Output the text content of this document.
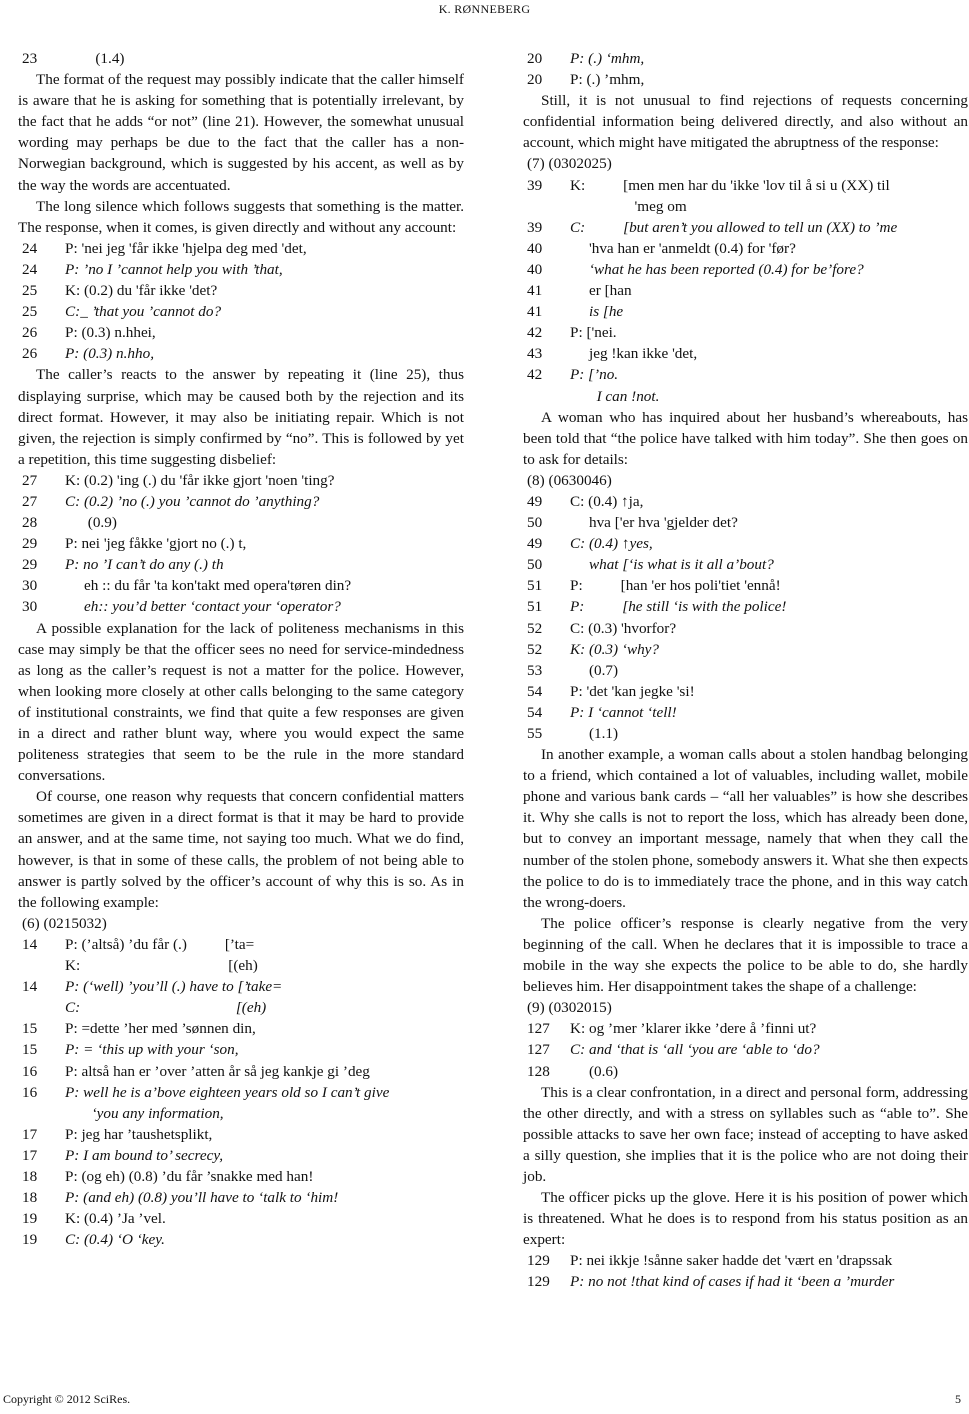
K. RØNNEBERG
23        (1.4)

The format of the request may possibly indicate that the caller himself is aware that he is asking for something that is potentially irrelevant, by the fact that he adds “or not” (line 21). However, the somewhat unusual wording may perhaps be due to the fact that the caller has a non-Norwegian background, which is suggested by his accent, as well as by the way the words are accentuated.

The long silence which follows suggests that something is the matter. The response, when it comes, is given directly and without any account:

24 P: 'nei jeg 'får ikke 'hjelpa deg med 'det,
24 P: ’no I ’cannot help you with ’that,
25 K: (0.2) du 'får ikke 'det?
25 C:_ ’that you ’cannot do?
26 P: (0.3) n.hhei,
26 P: (0.3) n.hho,

The caller’s reacts to the answer by repeating it (line 25), thus displaying surprise, which may be caused both by the rejection and its direct format. However, it may also be initiating repair. Which is not given, the rejection is simply confirmed by “no”. This is followed by yet a repetition, this time suggesting disbelief:

27 K: (0.2) 'ing (.) du 'får ikke gjort 'noen 'ting?
27 C: (0.2) ’no (.) you ’cannot do ’anything?
28      (0.9)
29 P: nei 'jeg fåkke 'gjort no (.) t,
29 P: no ’I can’t do any (.) th
30     eh :: du får 'ta kon'takt med opera'tøren din?
30     eh:: you’d better ‘contact your ‘operator?

A possible explanation for the lack of politeness mechanisms in this case may simply be that the officer sees no need for service-mindedness as long as the caller’s request is not a matter for the police. However, when looking more closely at other calls belonging to the same category of institutional constraints, we find that quite a few responses are given in a direct and rather blunt way, where you would expect the same politeness strategies that seem to be the rule in the more standard conversations.

Of course, one reason why requests that concern confidential matters sometimes are given in a direct format is that it may be hard to provide an answer, and at the same time, not saying too much. What we do find, however, is that in some of these calls, the problem of not being able to answer is partly solved by the officer’s account of why this is so. As in the following example:

(6) (0215032)
14 P: (’altså) ’du får (.)          [’ta=
K:                                       [(eh)
14 P: (‘well) ’you’ll (.) have to [’take=
C:                                         [(eh)
15 P: =dette ’her med ’sønnen din,
15 P: = ‘this up with your ‘son,
16 P: altså han er ’over ’atten år så jeg kankje gi ’deg
16 P: well he is a’bove eighteen years old so I can’t give
‘you any information,
17 P: jeg har ’taushetsplikt,
17 P: I am bound to’ secrecy,
18 P: (og eh) (0.8) ’du får ’snakke med han!
18 P: (and eh) (0.8) you’ll have to ‘talk to ‘him!
19 K: (0.4) ’Ja ’vel.
19 C: (0.4) ‘O ‘key.
20 P: (.) ‘mhm,
20 P: (.) ’mhm,

Still, it is not unusual to find rejections of requests concerning confidential information being delivered directly, and also without an account, which might have mitigated the abruptness of the response:

(7) (0302025)
39 K:          [men men har du 'ikke 'lov til å si u (XX) til
'meg om
39 C:          [but aren’t you allowed to tell un (XX) to ’me
40     'hva han er 'anmeldt (0.4) for 'før?
40     ‘what he has been reported (0.4) for be’fore?
41     er [han
41     is [he
42 P: ['nei.
43     jeg !kan ikke 'det,
42 P: [’no.
I can !not.

A woman who has inquired about her husband’s whereabouts, has been told that “the police have talked with him today”. She then goes on to ask for details:

(8) (0630046)
49 C: (0.4) ↑ja,
50     hva ['er hva 'gjelder det?
49 C: (0.4) ↑yes,
50     what [‘is what is it all a’bout?
51 P:          [han 'er hos poli'tiet 'ennå!
51 P:          [he still ‘is with the police!
52 C: (0.3) 'hvorfor?
52 K: (0.3) ‘why?
53     (0.7)
54 P: 'det 'kan jegke 'si!
54 P: I ‘cannot ‘tell!
55     (1.1)

In another example, a woman calls about a stolen handbag belonging to a friend, which contained a lot of valuables, including wallet, mobile phone and various bank cards – “all her valuables” is how she describes it. Why she calls is not to report the loss, which has already been done, but to convey an important message, namely that when they call the number of the stolen phone, somebody answers it. What she then expects the police to do is to immediately trace the phone, and in this way catch the wrong-doers.

The police officer’s response is clearly negative from the very beginning of the call. When he declares that it is impossible to trace a mobile in the way she expects the police to be able to do, she hardly believes him. Her disappointment takes the shape of a challenge:

(9) (0302015)
127 K: og ’mer ’klarer ikke ’dere å ’finni ut?
127 C: and ‘that is ‘all ‘you are ‘able to ‘do?
128     (0.6)

This is a clear confrontation, in a direct and personal form, addressing the other directly, and with a stress on syllables such as “able to”. She possible attacks to save her own face; instead of accepting to have asked a silly question, she implies that it is the police who are not doing their job.

The officer picks up the glove. Here it is his position of power which is threatened. What he does is to respond from his status position as an expert:

129 P: nei ikkje !sånne saker hadde det 'vært en 'drapssak
129 P: no not !that kind of cases if had it ‘been a ’murder
Copyright © 2012 SciRes.	5
